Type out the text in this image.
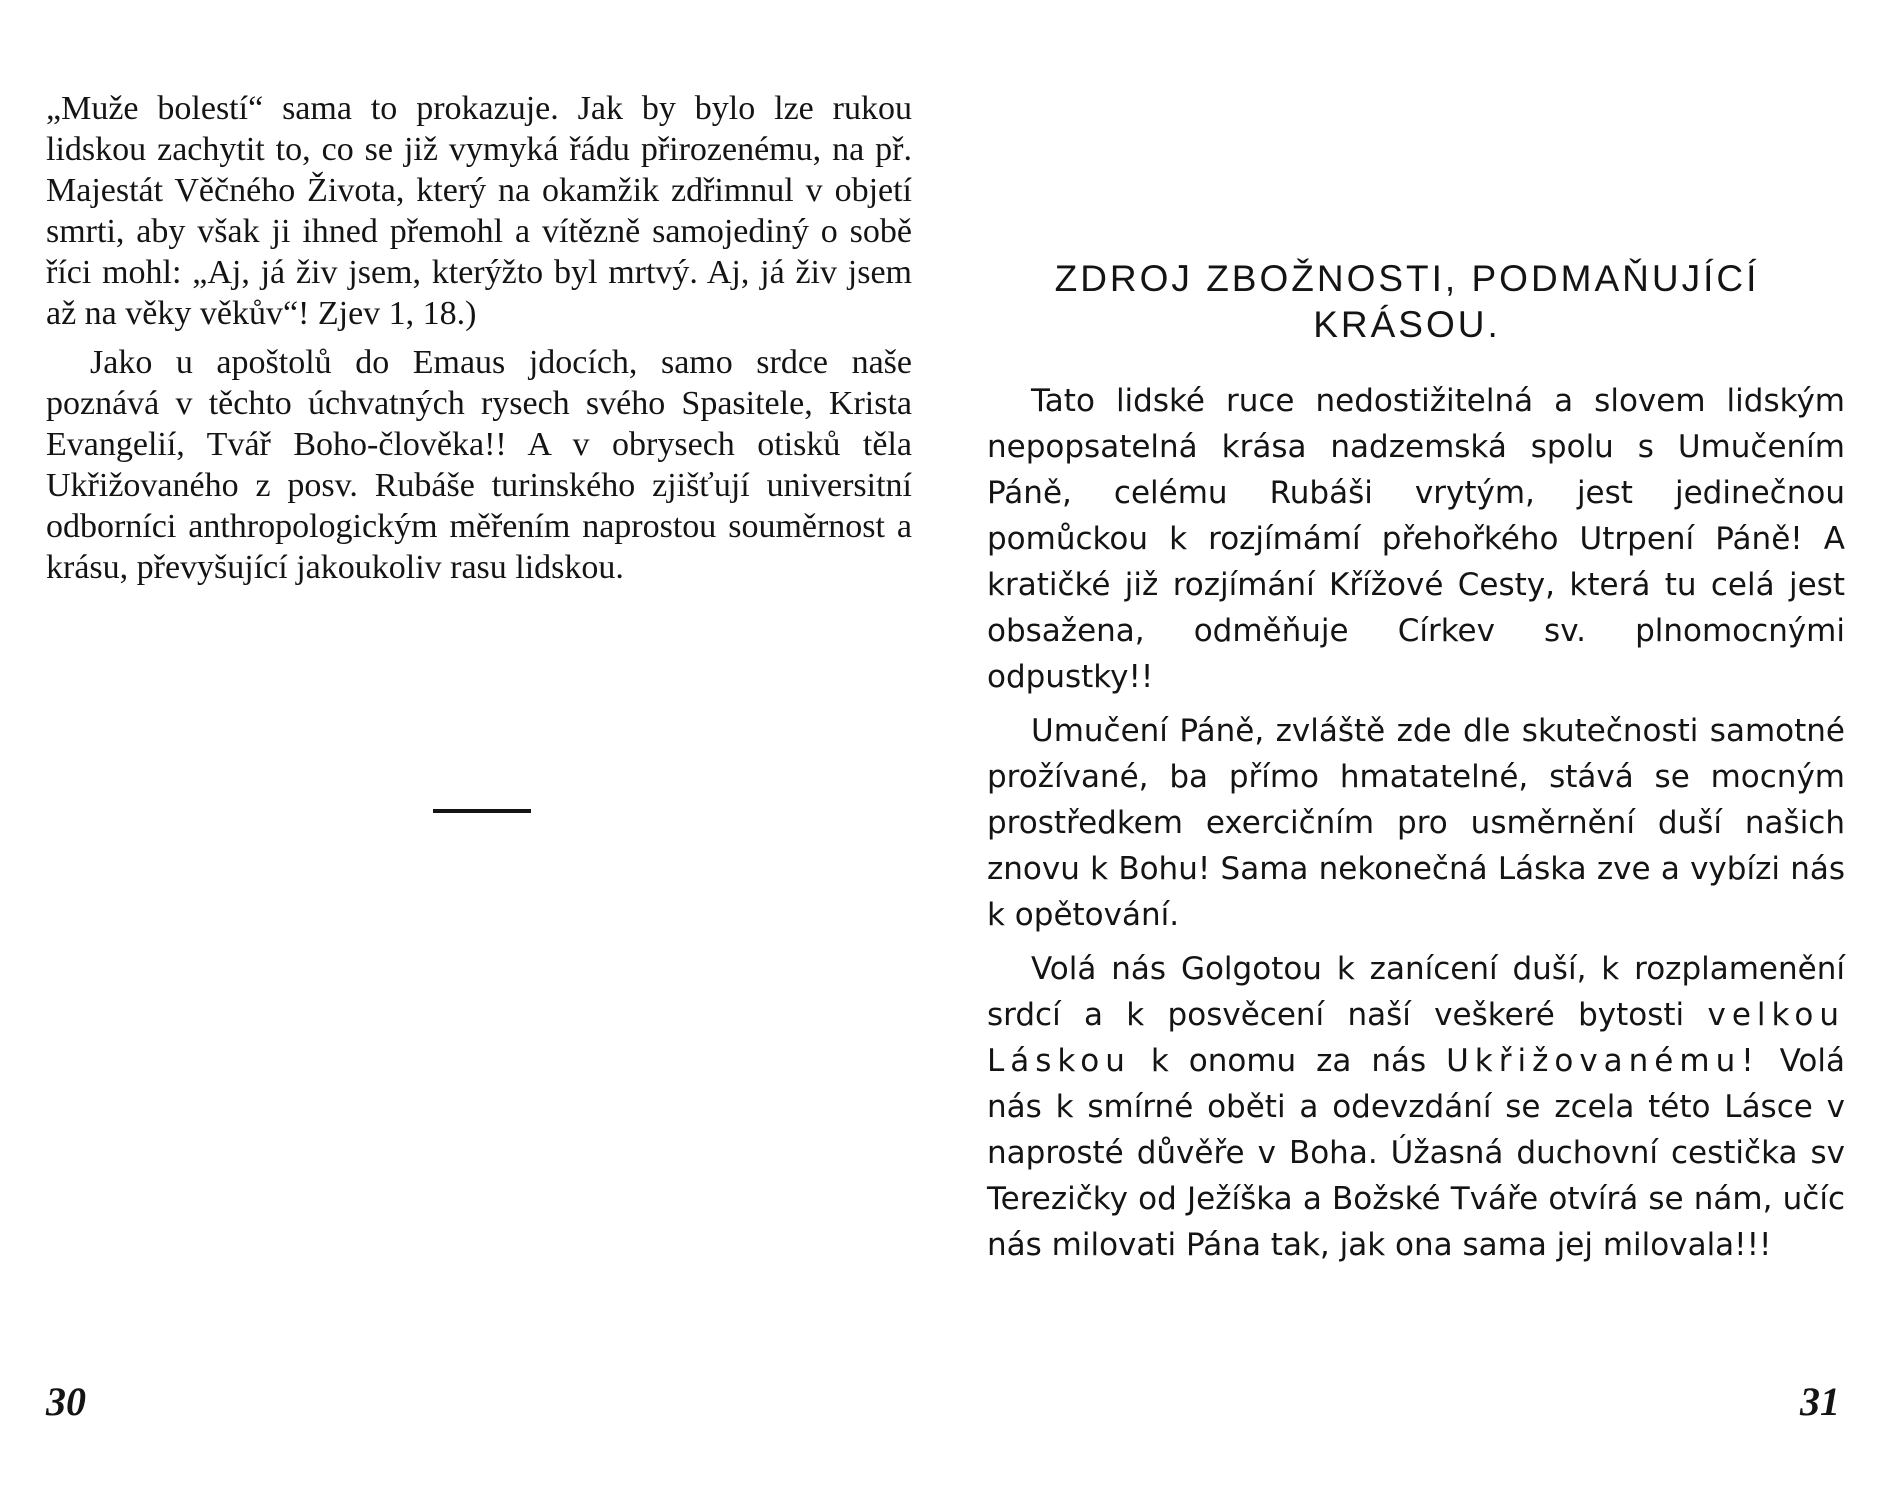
„Muže bolestí“ sama to prokazuje. Jak by bylo lze rukou lidskou zachytit to, co se již vymyká řádu přirozenému, na př. Majestát Věčného Života, který na okamžik zdřimnul v objetí smrti, aby však ji ihned přemohl a vítězně samojediný o sobě říci mohl: „Aj, já živ jsem, kterýžto byl mrtvý. Aj, já živ jsem až na věky věkův“! Zjev 1, 18.)

Jako u apoštolů do Emaus jdocích, samo srdce naše poznává v těchto úchvatných rysech svého Spasitele, Krista Evangelií, Tvář Boho-člověka!! A v obrysech otisků těla Ukřižovaného z posv. Rubáše turinského zjišťují universitní odborníci anthropologickým měřením naprostou souměrnost a krásu, převyšující jakoukoliv rasu lidskou.

30
ZDROJ ZBOŽNOSTI, PODMAŇUJÍCÍ KRÁSOU.

Tato lidské ruce nedostižitelná a slovem lidským nepopsatelná krása nadzemská spolu s Umučením Páně, celému Rubáši vrytým, jest jedinečnou pomůckou k rozjímámí přehořkého Utrpení Páně! A kratičké již rozjímání Křížové Cesty, která tu celá jest obsažena, odměňuje Církev sv. plnomocnými odpustky!!

Umučení Páně, zvláště zde dle skutečnosti samotné prožívané, ba přímo hmatatelné, stává se mocným prostředkem exercičním pro usměrnění duší našich znovu k Bohu! Sama nekonečná Láska zve a vybízi nás k opětování.

Volá nás Golgotou k zanícení duší, k rozplamenění srdcí a k posvěcení naší veškeré bytosti velkou Láskou k onomu za nás Ukřižovanému! Volá nás k smírné oběti a odevzdání se zcela této Lásce v naprosté důvěře v Boha. Úžasná duchovní cestička sv Terezičky od Ježíška a Božské Tváře otvírá se nám, učíc nás milovati Pána tak, jak ona sama jej milovala!!!

31
